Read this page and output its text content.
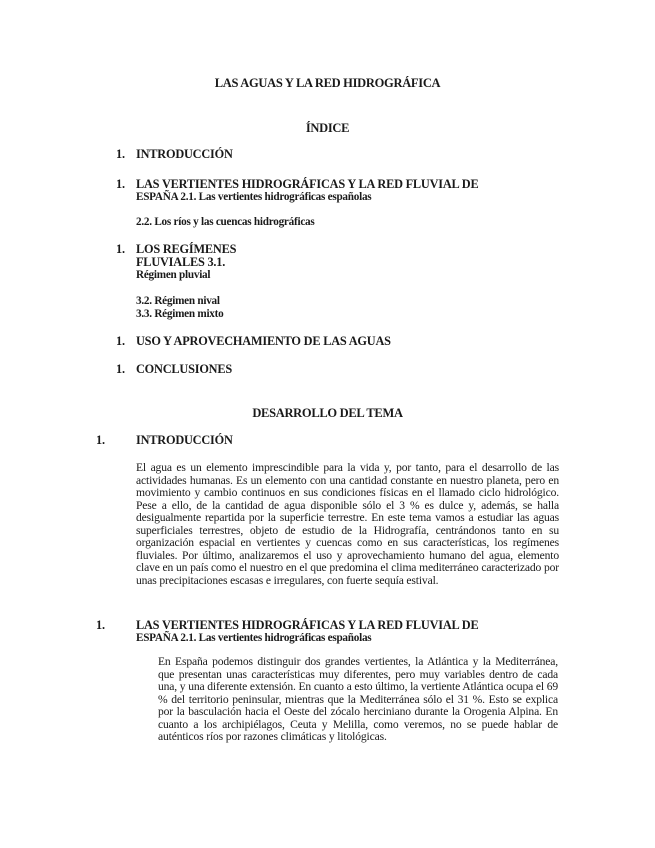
LAS AGUAS Y LA RED HIDROGRÁFICA
ÍNDICE
1. INTRODUCCIÓN
1. LAS VERTIENTES HIDROGRÁFICAS Y LA RED FLUVIAL DE
ESPAÑA 2.1. Las vertientes hidrográficas españolas
2.2. Los ríos y las cuencas hidrográficas
1. LOS REGÍMENES
FLUVIALES 3.1.
Régimen pluvial
3.2. Régimen nival
3.3. Régimen mixto
1. USO Y APROVECHAMIENTO DE LAS AGUAS
1. CONCLUSIONES
DESARROLLO DEL TEMA
1.	INTRODUCCIÓN

El agua es un elemento imprescindible para la vida y, por tanto, para el desarrollo de las actividades humanas. Es un elemento con una cantidad constante en nuestro planeta, pero en movimiento y cambio continuos en sus condiciones físicas en el llamado ciclo hidrológico. Pese a ello, de la cantidad de agua disponible sólo el 3 % es dulce y, además, se halla desigualmente repartida por la superficie terrestre. En este tema vamos a estudiar las aguas superficiales terrestres, objeto de estudio de la Hidrografía, centrándonos tanto en su organización espacial en vertientes y cuencas como en sus características, los regímenes fluviales. Por último, analizaremos el uso y aprovechamiento humano del agua, elemento clave en un país como el nuestro en el que predomina el clima mediterráneo caracterizado por unas precipitaciones escasas e irregulares, con fuerte sequía estival.

1.	LAS VERTIENTES HIDROGRÁFICAS Y LA RED FLUVIAL DE
ESPAÑA 2.1. Las vertientes hidrográficas españolas

En España podemos distinguir dos grandes vertientes, la Atlántica y la Mediterránea, que presentan unas características muy diferentes, pero muy variables dentro de cada una, y una diferente extensión. En cuanto a esto último, la vertiente Atlántica ocupa el 69 % del territorio peninsular, mientras que la Mediterránea sólo el 31 %. Esto se explica por la basculación hacia el Oeste del zócalo herciniano durante la Orogenia Alpina. En cuanto a los archipiélagos, Ceuta y Melilla, como veremos, no se puede hablar de auténticos ríos por razones climáticas y litológicas.
